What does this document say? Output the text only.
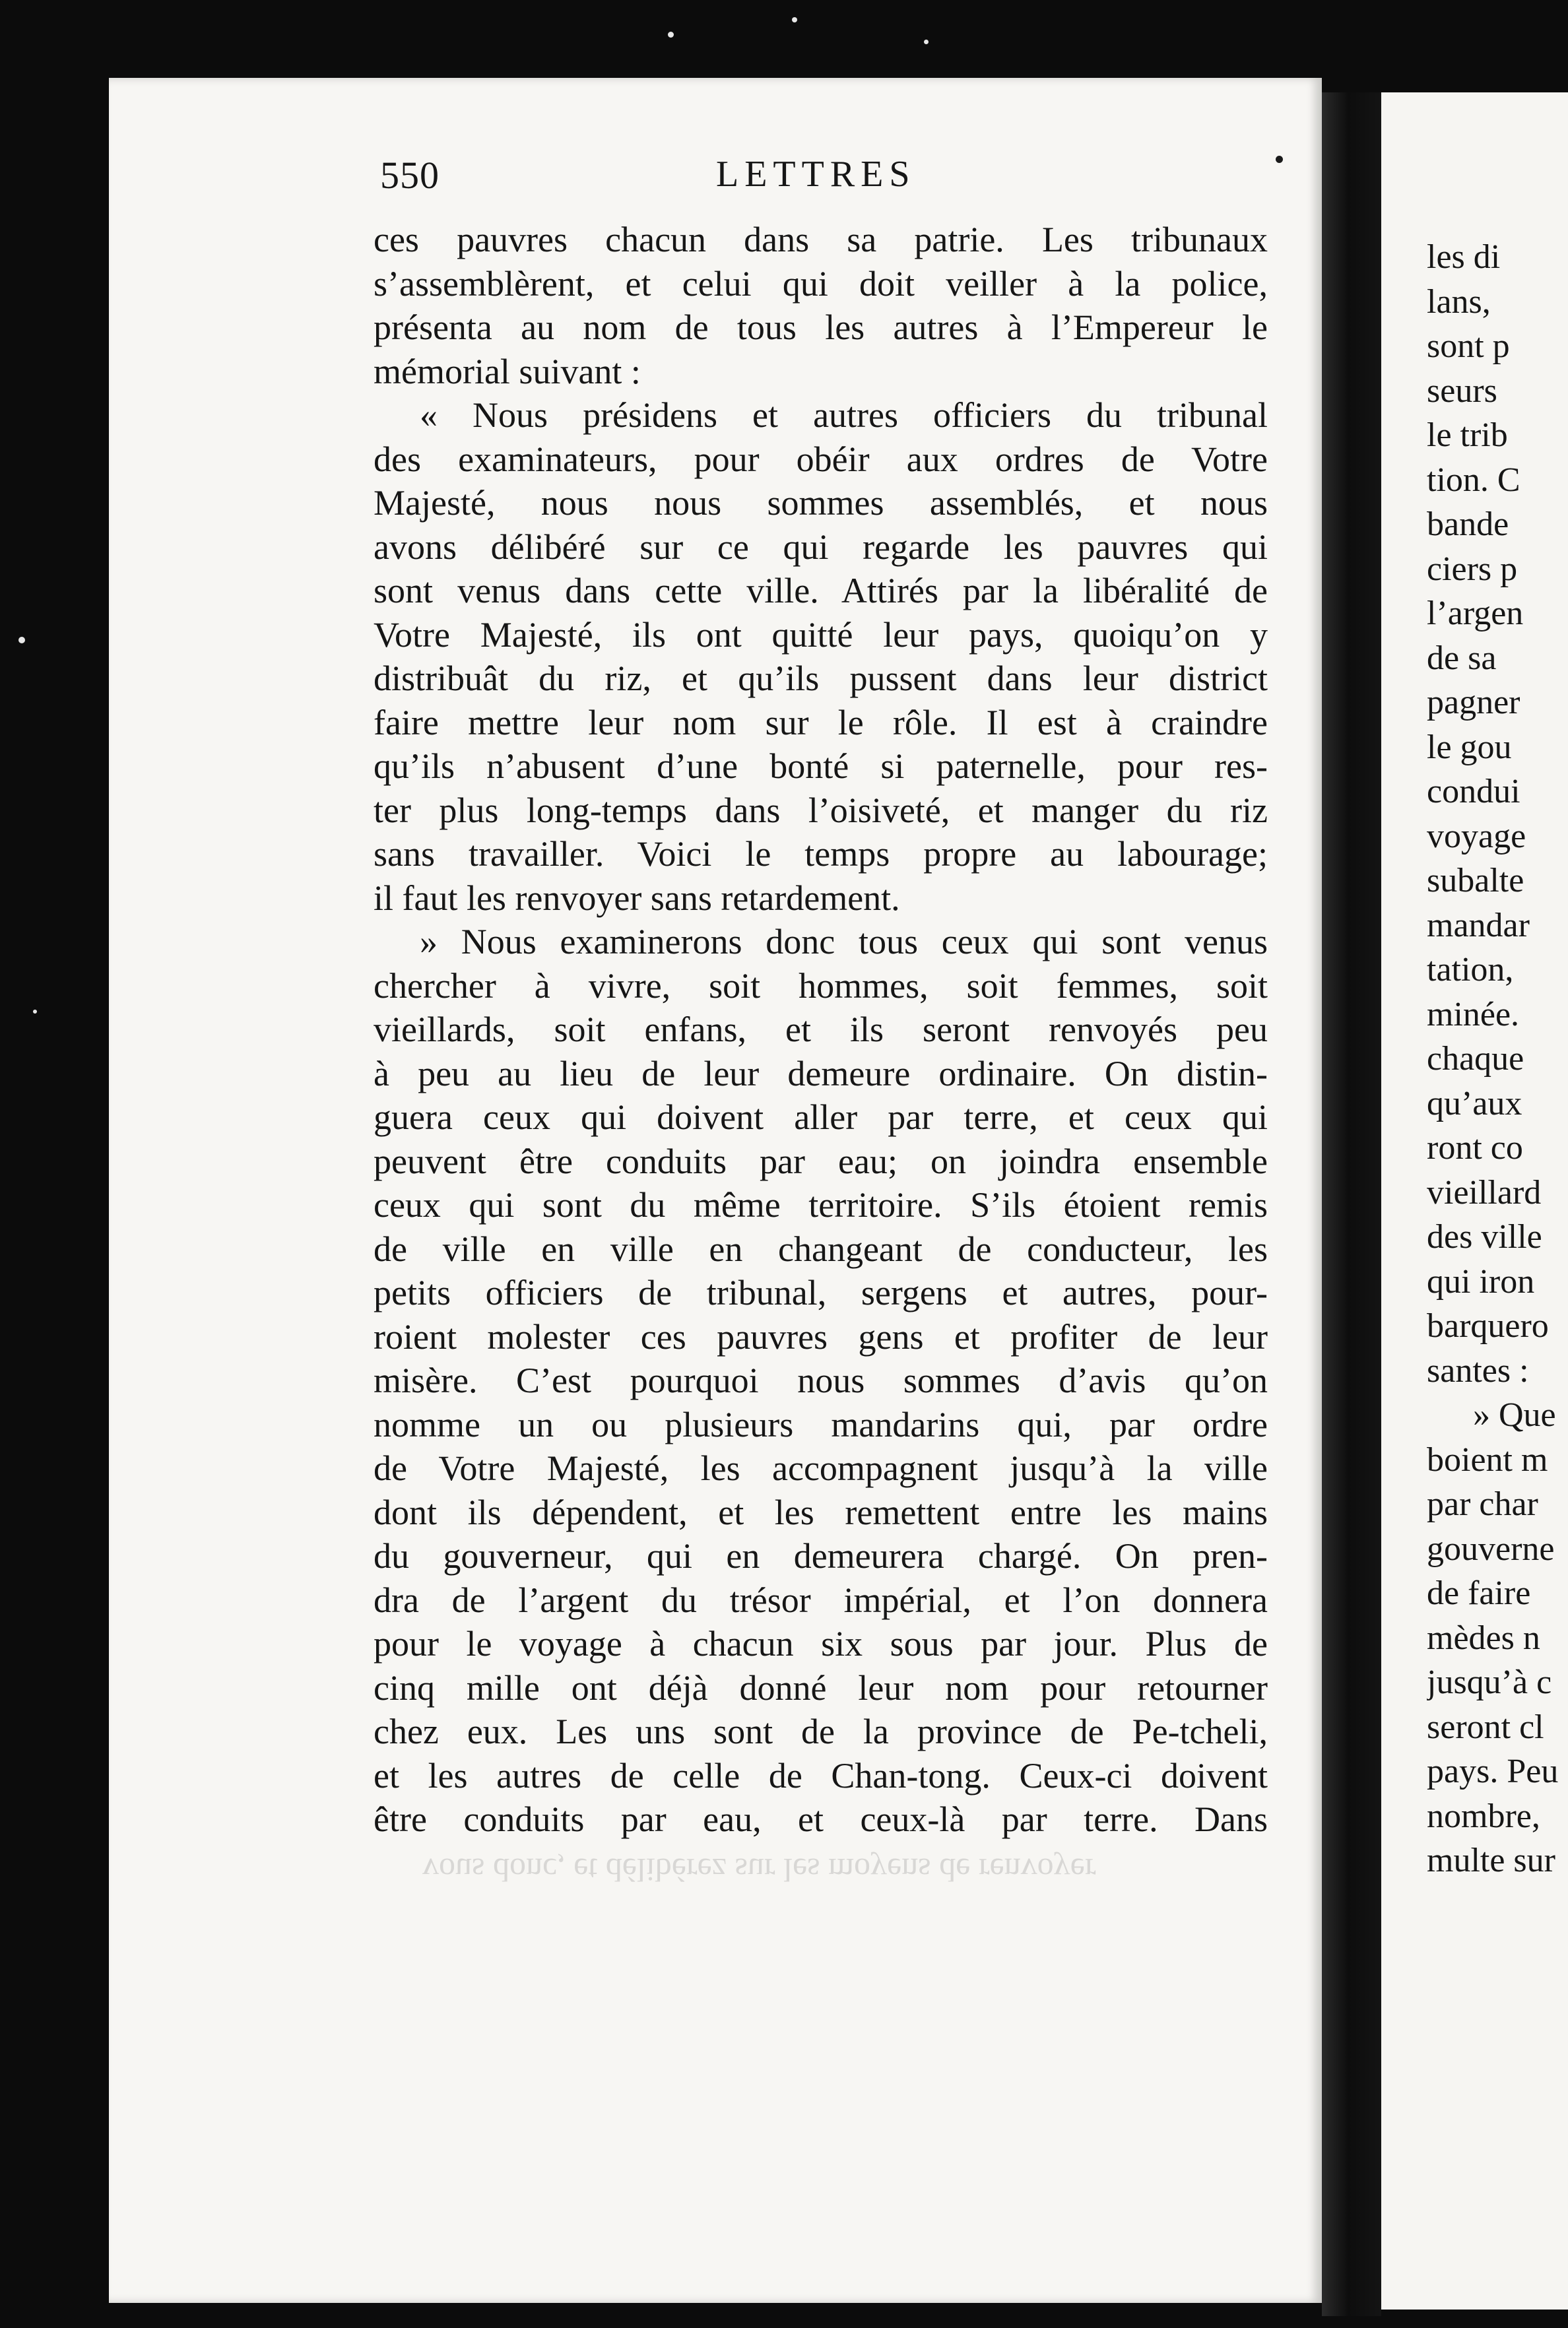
550	LETTRES
ces pauvres chacun dans sa patrie. Les tribunaux
s’assemblèrent, et celui qui doit veiller à la police,
présenta au nom de tous les autres à l’Empereur le
mémorial suivant :
« Nous présidens et autres officiers du tribunal
des examinateurs, pour obéir aux ordres de Votre
Majesté, nous nous sommes assemblés, et nous
avons délibéré sur ce qui regarde les pauvres qui
sont venus dans cette ville. Attirés par la libéralité de
Votre Majesté, ils ont quitté leur pays, quoiqu’on y
distribuât du riz, et qu’ils pussent dans leur district
faire mettre leur nom sur le rôle. Il est à craindre
qu’ils n’abusent d’une bonté si paternelle, pour res-
ter plus long-temps dans l’oisiveté, et manger du riz
sans travailler. Voici le temps propre au labourage;
il faut les renvoyer sans retardement.
» Nous examinerons donc tous ceux qui sont venus
chercher à vivre, soit hommes, soit femmes, soit
vieillards, soit enfans, et ils seront renvoyés peu
à peu au lieu de leur demeure ordinaire. On distin-
guera ceux qui doivent aller par terre, et ceux qui
peuvent être conduits par eau; on joindra ensemble
ceux qui sont du même territoire. S’ils étoient remis
de ville en ville en changeant de conducteur, les
petits officiers de tribunal, sergens et autres, pour-
roient molester ces pauvres gens et profiter de leur
misère. C’est pourquoi nous sommes d’avis qu’on
nomme un ou plusieurs mandarins qui, par ordre
de Votre Majesté, les accompagnent jusqu’à la ville
dont ils dépendent, et les remettent entre les mains
du gouverneur, qui en demeurera chargé. On pren-
dra de l’argent du trésor impérial, et l’on donnera
pour le voyage à chacun six sous par jour. Plus de
cinq mille ont déjà donné leur nom pour retourner
chez eux. Les uns sont de la province de Pe-tcheli,
et les autres de celle de Chan-tong. Ceux-ci doivent
être conduits par eau, et ceux-là par terre. Dans
vous donc, et délibérez sur les moyens de renvoyer
les di
lans,
sont p
seurs
le trib
tion. C
bande
ciers p
l’argen
de sa
pagner
le gou
condui
voyage
subalte
mandar
tation,
minée.
chaque
qu’aux
ront co
vieillard
des ville
qui iron
barquero
santes :
» Que
boient m
par char
gouverne
de faire
mèdes n
jusqu’à c
seront cl
pays. Peu
nombre,
multe sur
